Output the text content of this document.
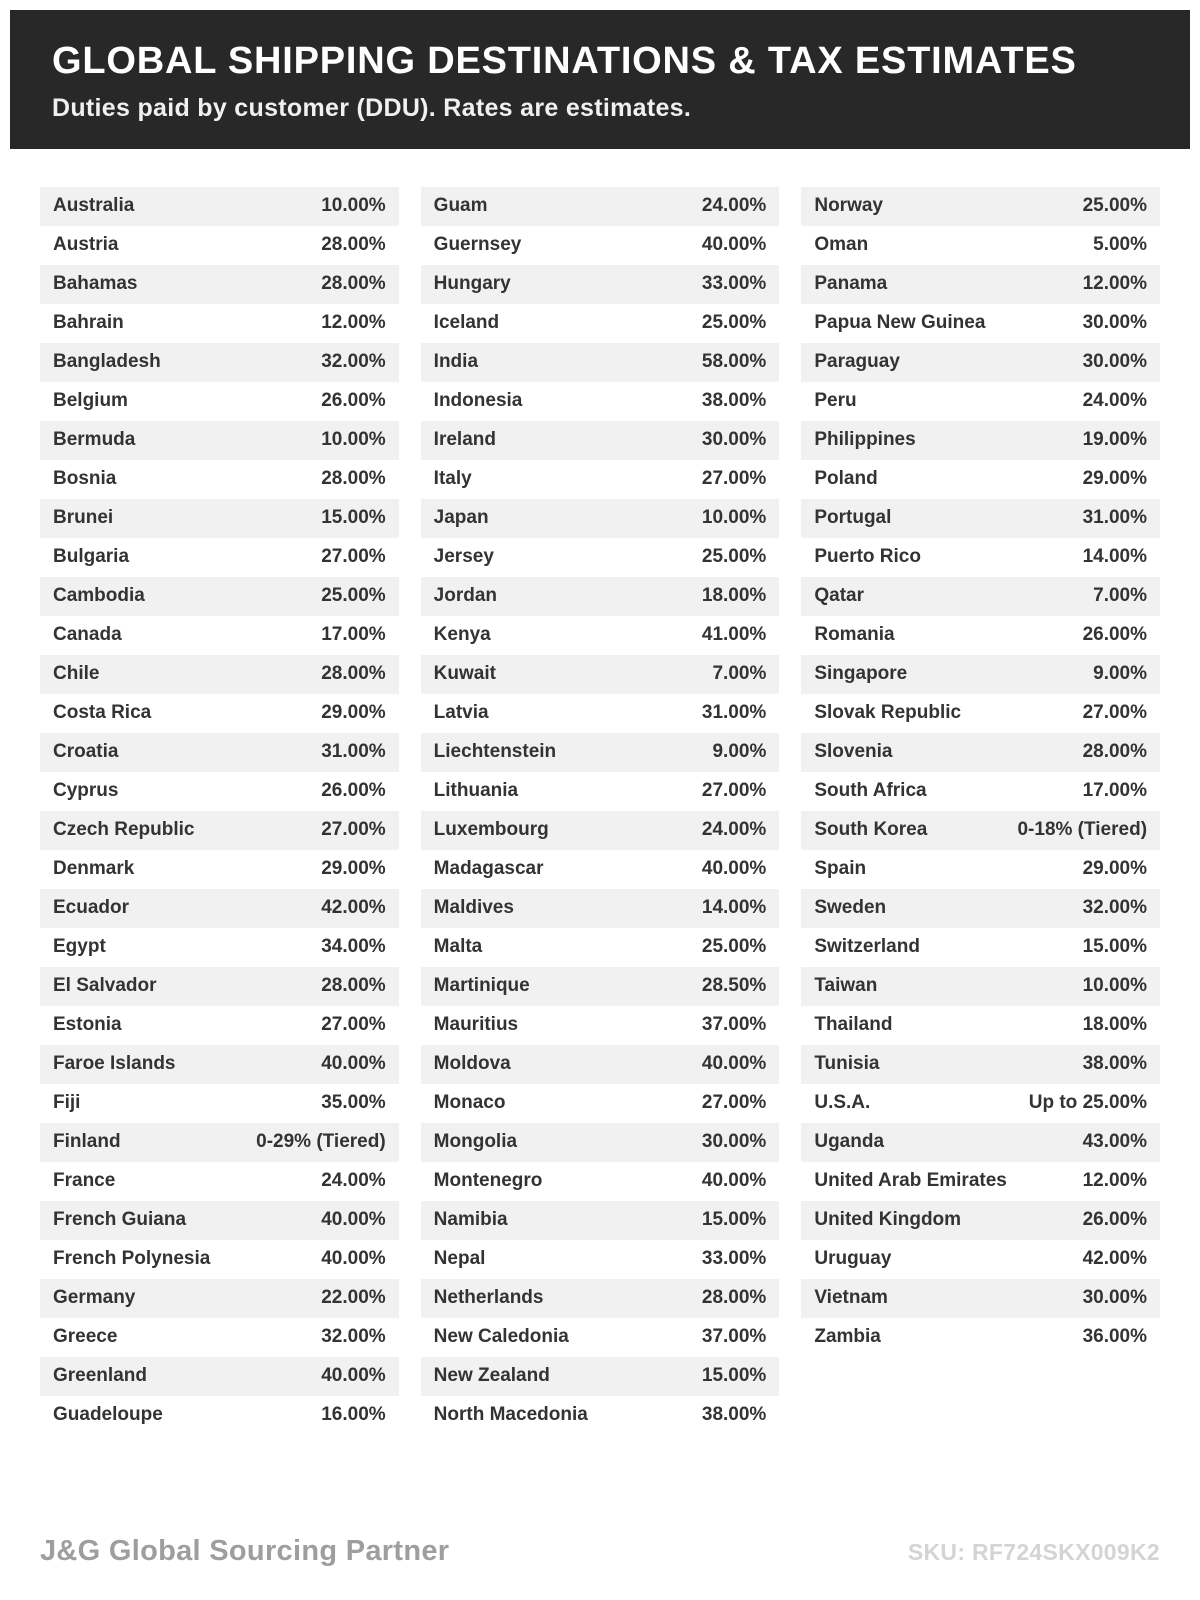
GLOBAL SHIPPING DESTINATIONS & TAX ESTIMATES

Duties paid by customer (DDU). Rates are estimates.

Australia	10.00%
Austria	28.00%
Bahamas	28.00%
Bahrain	12.00%
Bangladesh	32.00%
Belgium	26.00%
Bermuda	10.00%
Bosnia	28.00%
Brunei	15.00%
Bulgaria	27.00%
Cambodia	25.00%
Canada	17.00%
Chile	28.00%
Costa Rica	29.00%
Croatia	31.00%
Cyprus	26.00%
Czech Republic	27.00%
Denmark	29.00%
Ecuador	42.00%
Egypt	34.00%
El Salvador	28.00%
Estonia	27.00%
Faroe Islands	40.00%
Fiji	35.00%
Finland	0-29% (Tiered)
France	24.00%
French Guiana	40.00%
French Polynesia	40.00%
Germany	22.00%
Greece	32.00%
Greenland	40.00%
Guadeloupe	16.00%
Guam	24.00%
Guernsey	40.00%
Hungary	33.00%
Iceland	25.00%
India	58.00%
Indonesia	38.00%
Ireland	30.00%
Italy	27.00%
Japan	10.00%
Jersey	25.00%
Jordan	18.00%
Kenya	41.00%
Kuwait	7.00%
Latvia	31.00%
Liechtenstein	9.00%
Lithuania	27.00%
Luxembourg	24.00%
Madagascar	40.00%
Maldives	14.00%
Malta	25.00%
Martinique	28.50%
Mauritius	37.00%
Moldova	40.00%
Monaco	27.00%
Mongolia	30.00%
Montenegro	40.00%
Namibia	15.00%
Nepal	33.00%
Netherlands	28.00%
New Caledonia	37.00%
New Zealand	15.00%
North Macedonia	38.00%
Norway	25.00%
Oman	5.00%
Panama	12.00%
Papua New Guinea	30.00%
Paraguay	30.00%
Peru	24.00%
Philippines	19.00%
Poland	29.00%
Portugal	31.00%
Puerto Rico	14.00%
Qatar	7.00%
Romania	26.00%
Singapore	9.00%
Slovak Republic	27.00%
Slovenia	28.00%
South Africa	17.00%
South Korea	0-18% (Tiered)
Spain	29.00%
Sweden	32.00%
Switzerland	15.00%
Taiwan	10.00%
Thailand	18.00%
Tunisia	38.00%
U.S.A.	Up to 25.00%
Uganda	43.00%
United Arab Emirates	12.00%
United Kingdom	26.00%
Uruguay	42.00%
Vietnam	30.00%
Zambia	36.00%
J&G Global Sourcing Partner	SKU: RF724SKX009K2
